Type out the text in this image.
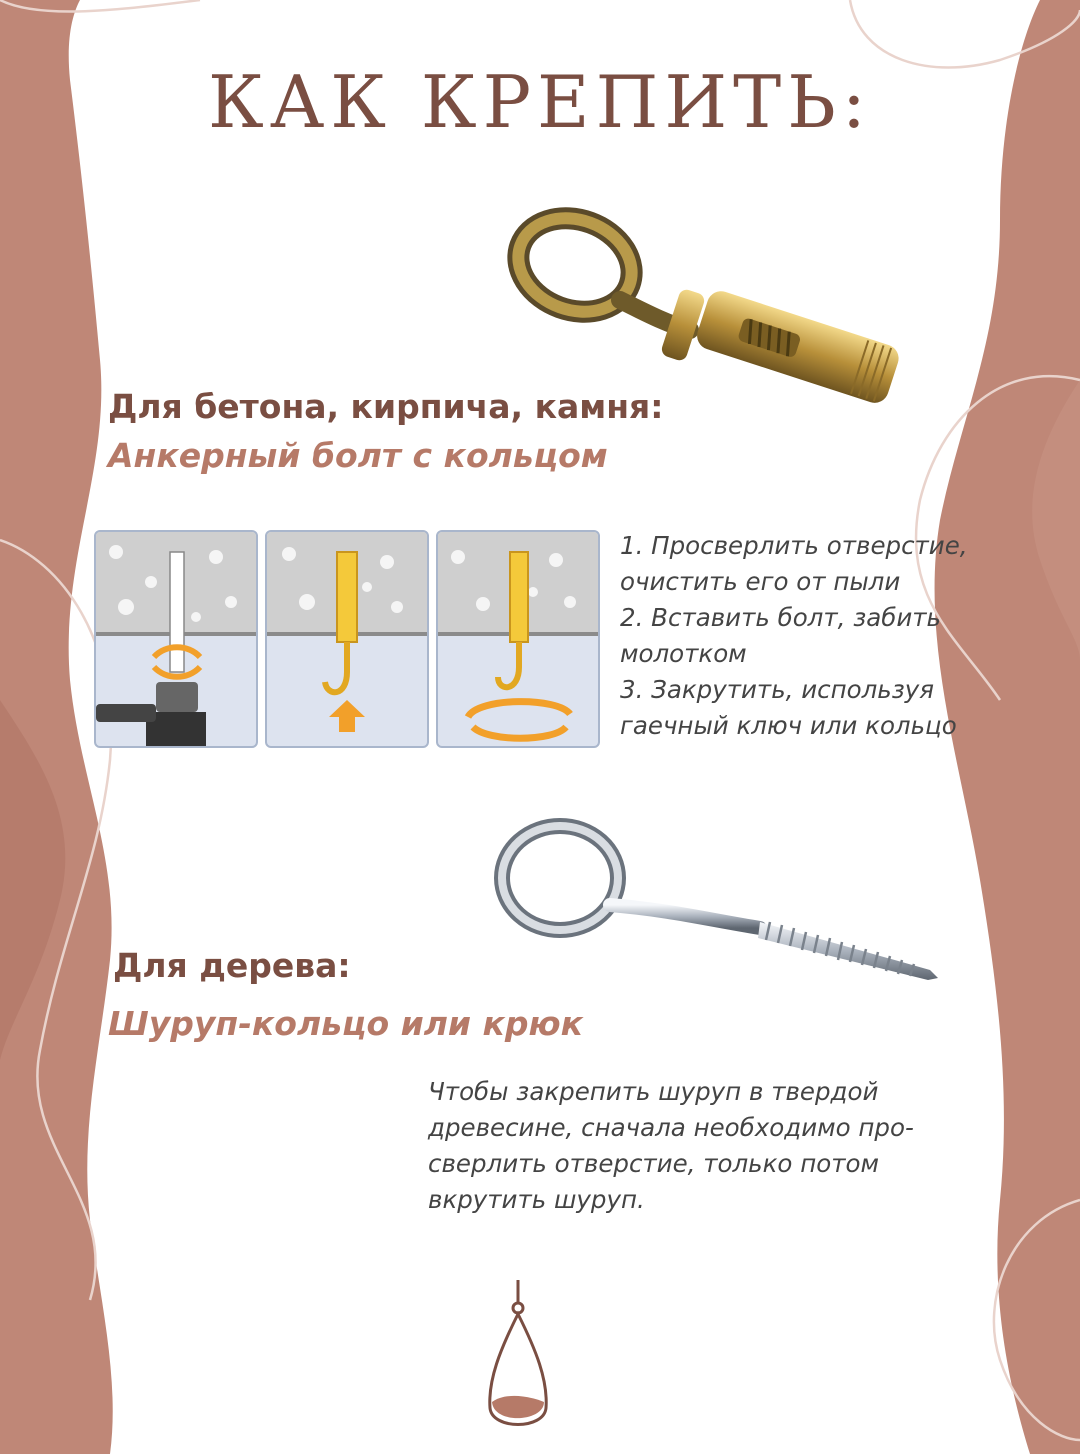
КАК КРЕПИТЬ:
Для бетона, кирпича, камня:
Анкерный болт с кольцом
1. Просверлить отверстие,
очистить его от пыли
2. Вставить болт, забить
молотком
3. Закрутить, используя
гаечный ключ или кольцо
Для дерева:
Шуруп-кольцо или крюк
Чтобы закрепить шуруп в твердой
древесине, сначала необходимо про-
сверлить отверстие, только потом
вкрутить шуруп.
